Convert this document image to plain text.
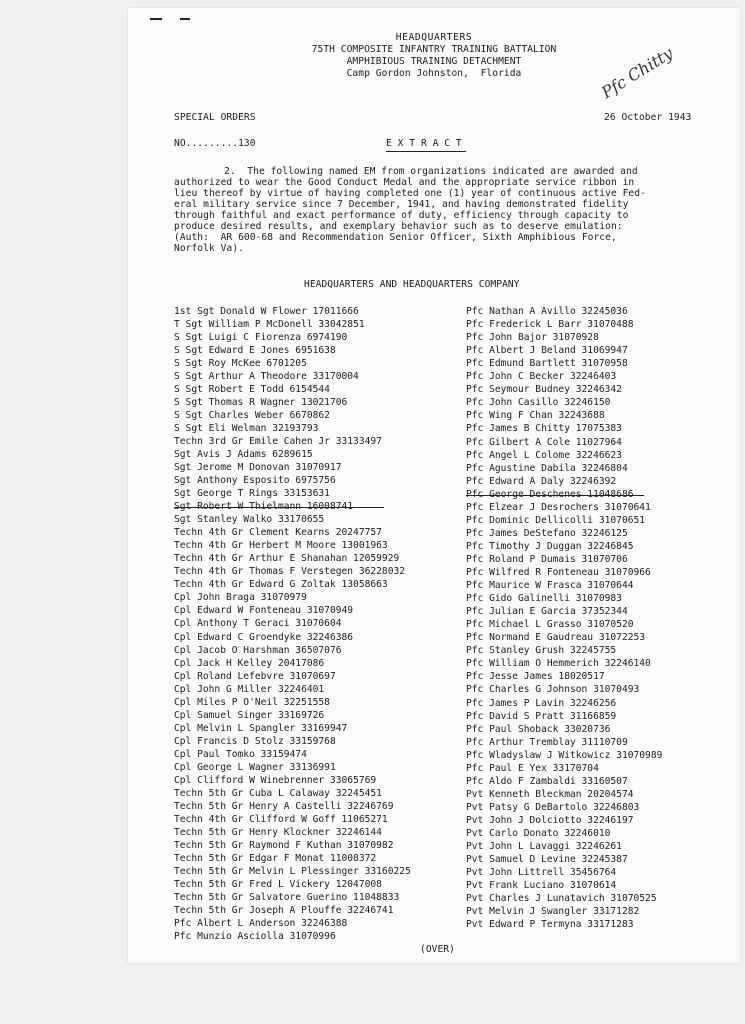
HEADQUARTERS
75TH COMPOSITE INFANTRY TRAINING BATTALION
AMPHIBIOUS TRAINING DETACHMENT
Camp Gordon Johnston,  Florida	Pfc Chitty
SPECIAL ORDERS	26 October 1943
NO.........130	E X T R A C T
2.  The following named EM from organizations indicated are awarded and
authorized to wear the Good Conduct Medal and the appropriate service ribbon in
lieu thereof by virtue of having completed one (1) year of continuous active Fed-
eral military service since 7 December, 1941, and having demonstrated fidelity
through faithful and exact performance of duty, efficiency through capacity to
produce desired results, and exemplary behavior such as to deserve emulation:
(Auth:  AR 600-68 and Recommendation Senior Officer, Sixth Amphibious Force,
Norfolk Va).
HEADQUARTERS AND HEADQUARTERS COMPANY
1st Sgt Donald W Flower 17011666
T Sgt William P McDonell 33042851
S Sgt Luigi C Fiorenza 6974190
S Sgt Edward E Jones 6951638
S Sgt Roy McKee 6701205
S Sgt Arthur A Theodore 33170004
S Sgt Robert E Todd 6154544
S Sgt Thomas R Wagner 13021706
S Sgt Charles Weber 6670862
S Sgt Eli Welman 32193793
Techn 3rd Gr Emile Cahen Jr 33133497
Sgt Avis J Adams 6289615
Sgt Jerome M Donovan 31070917
Sgt Anthony Esposito 6975756
Sgt George T Rings 33153631
Sgt Stanley Walko 33170655
Techn 4th Gr Clement Kearns 20247757
Techn 4th Gr Herbert M Moore 13001963
Techn 4th Gr Arthur E Shanahan 12059929
Techn 4th Gr Thomas F Verstegen 36228032
Techn 4th Gr Edward G Zoltak 13058663
Cpl John Braga 31070979
Cpl Edward W Fonteneau 31070949
Cpl Anthony T Geraci 31070604
Cpl Edward C Groendyke 32246386
Cpl Jacob O Harshman 36507076
Cpl Jack H Kelley 20417086
Cpl Roland Lefebvre 31070697
Cpl John G Miller 32246401
Cpl Miles P O'Neil 32251558
Cpl Samuel Singer 33169726
Cpl Melvin L Spangler 33169947
Cpl Francis D Stolz 33159768
Cpl Paul Tomko 33159474
Cpl George L Wagner 33136991
Cpl Clifford W Winebrenner 33065769
Techn 5th Gr Cuba L Calaway 32245451
Techn 5th Gr Henry A Castelli 32246769
Techn 4th Gr Clifford W Goff 11065271
Techn 5th Gr Henry Klockner 32246144
Techn 5th Gr Raymond F Kuthan 31070982
Techn 5th Gr Edgar F Monat 11008372
Techn 5th Gr Melvin L Plessinger 33160225
Techn 5th Gr Fred L Vickery 12047008
Techn 5th Gr Salvatore Guerino 11048833
Techn 5th Gr Joseph A Plouffe 32246741
Pfc Albert L Anderson 32246388
Pfc Munzio Asciolla 31070996
Pfc Nathan A Avillo 32245036
Pfc Frederick L Barr 31070488
Pfc John Bajor 31070928
Pfc Albert J Beland 31069947
Pfc Edmund Bartlett 31070958
Pfc John C Becker 32246403
Pfc Seymour Budney 32246342
Pfc John Casillo 32246150
Pfc Wing F Chan 32243688
Pfc James B Chitty 17075383
Pfc Gilbert A Cole 11027964
Pfc Angel L Colome 32246623
Pfc Agustine Dabila 32246804
Pfc Edward A Daly 32246392
Pfc Elzear J Desrochers 31070641
Pfc Dominic Dellicolli 31070651
Pfc James DeStefano 32246125
Pfc Timothy J Duggan 32246845
Pfc Roland P Dumais 31070706
Pfc Wilfred R Fonteneau 31070966
Pfc Maurice W Frasca 31070644
Pfc Gido Galinelli 31070983
Pfc Julian E Garcia 37352344
Pfc Michael L Grasso 31070520
Pfc Normand E Gaudreau 31072253
Pfc Stanley Grush 32245755
Pfc William O Hemmerich 32246140
Pfc Jesse James 18020517
Pfc Charles G Johnson 31070493
Pfc James P Lavin 32246256
Pfc David S Pratt 31166859
Pfc Paul Shoback 33020736
Pfc Arthur Tremblay 31110709
Pfc Wladyslaw J Witkowicz 31070989
Pfc Paul E Yex 33170704
Pfc Aldo F Zambaldi 33160507
Pvt Kenneth Bleckman 20204574
Pvt Patsy G DeBartolo 32246803
Pvt John J Dolciotto 32246197
Pvt Carlo Donato 32246010
Pvt John L Lavaggi 32246261
Pvt Samuel D Levine 32245387
Pvt John Littrell 35456764
Pvt Frank Luciano 31070614
Pvt Charles J Lunatavich 31070525
Pvt Melvin J Swangler 33171282
Pvt Edward P Termyna 33171283
(OVER)
